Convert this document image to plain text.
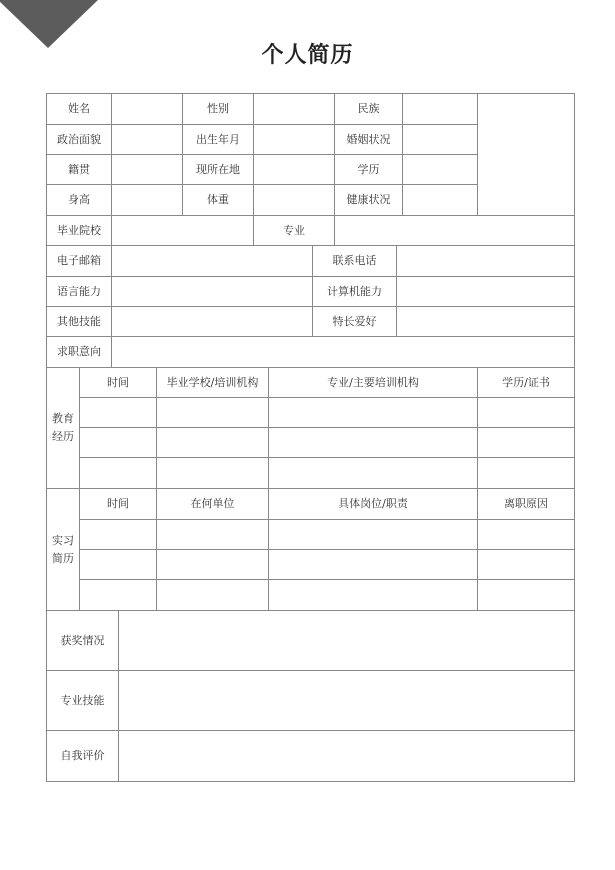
个人简历
姓名	性别	民族
政治面貌	出生年月	婚姻状况
籍贯	现所在地	学历
身高	体重	健康状况
毕业院校	专业
电子邮箱	联系电话
语言能力	计算机能力
其他技能	特长爱好
求职意向
教育
经历
时间	毕业学校/培训机构	专业/主要培训机构	学历/证书
实习
简历
时间	在何单位	具体岗位/职责	离职原因
获奖情况
专业技能
自我评价
